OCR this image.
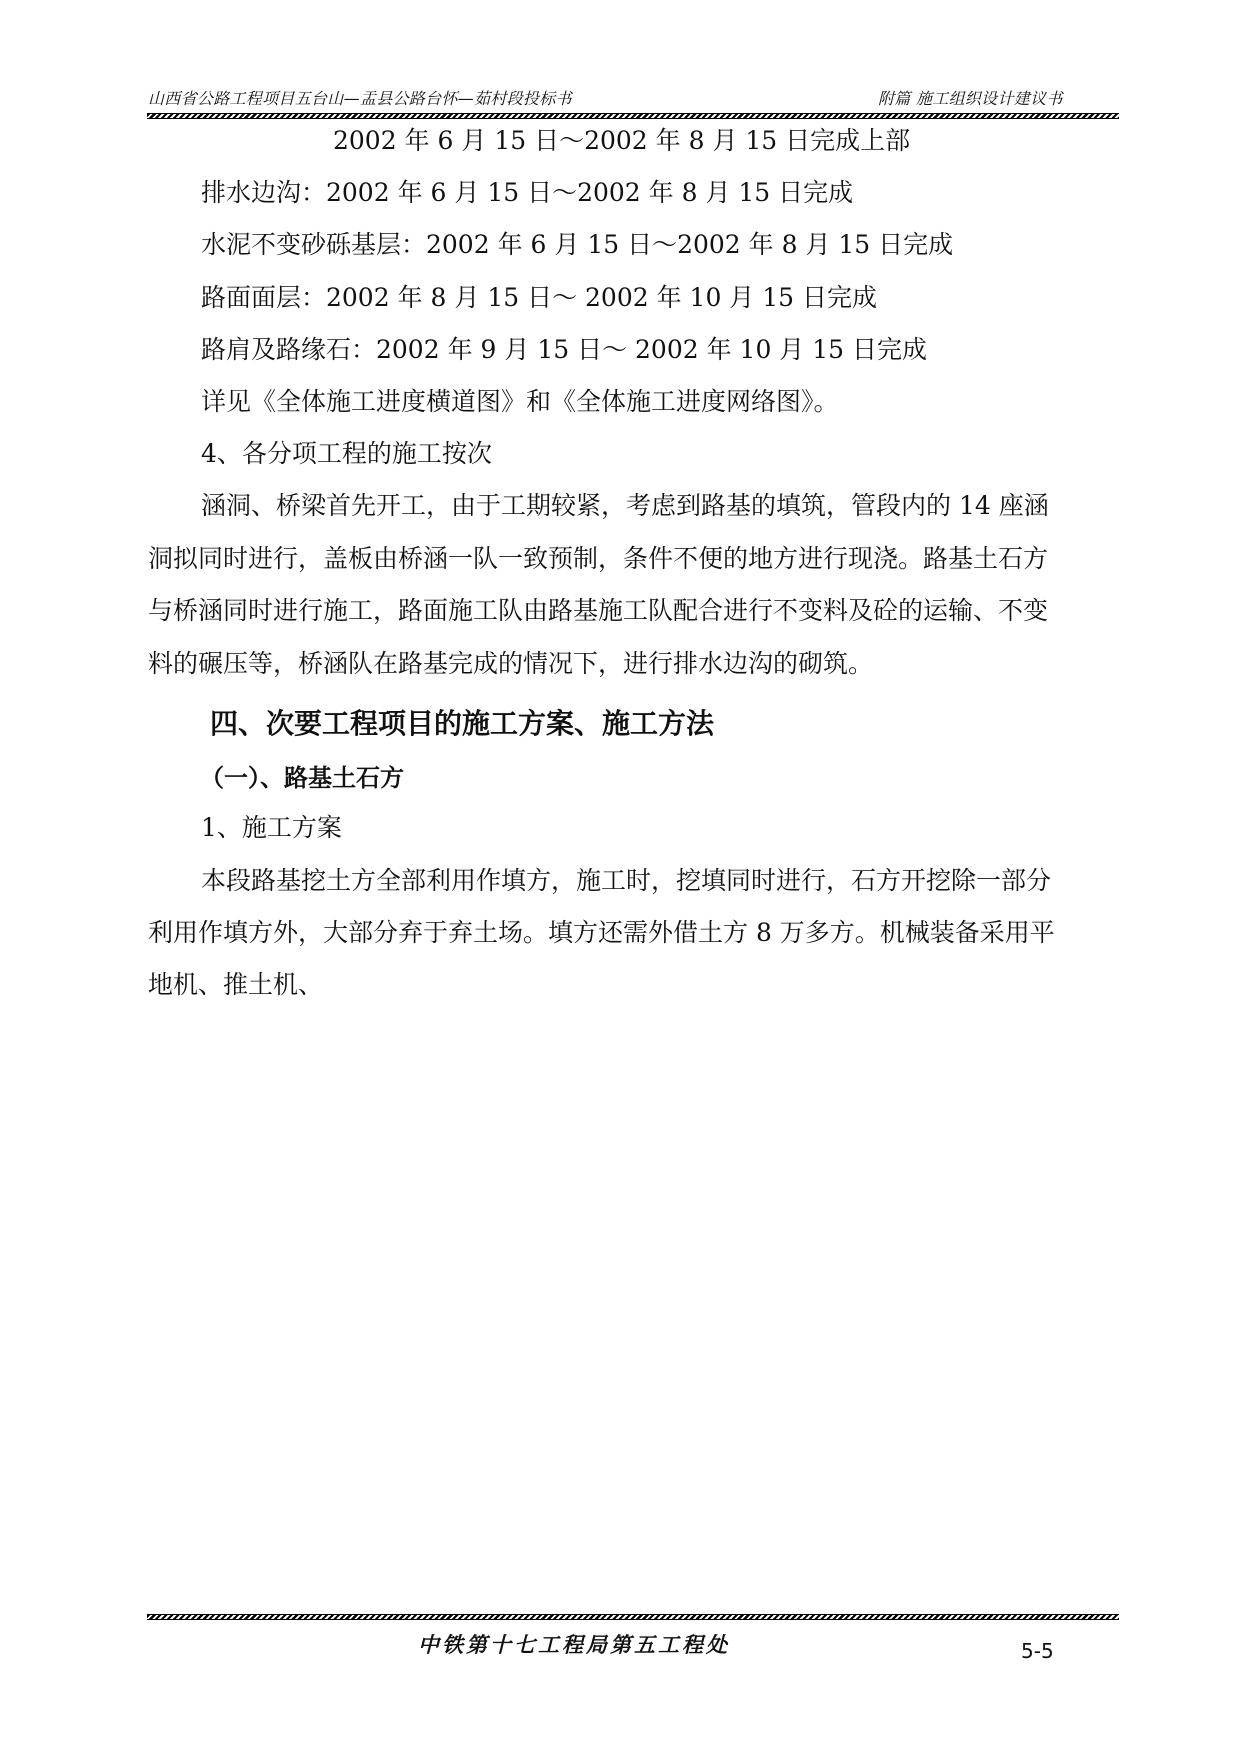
山西省公路工程项目五台山—盂县公路台怀—茹村段投标书	附篇 施工组织设计建议书
2002 年 6 月 15 日～2002 年 8 月 15 日完成上部
排水边沟：2002 年 6 月 15 日～2002 年 8 月 15 日完成
水泥不变砂砾基层：2002 年 6 月 15 日～2002 年 8 月 15 日完成
路面面层：2002 年 8 月 15 日～ 2002 年 10 月 15 日完成
路肩及路缘石：2002 年 9 月 15 日～ 2002 年 10 月 15 日完成
详见《全体施工进度横道图》和《全体施工进度网络图》。
4、各分项工程的施工按次
涵洞、桥梁首先开工，由于工期较紧，考虑到路基的填筑，管段内的 14 座涵
洞拟同时进行，盖板由桥涵一队一致预制，条件不便的地方进行现浇。路基土石方
与桥涵同时进行施工，路面施工队由路基施工队配合进行不变料及砼的运输、不变
料的碾压等，桥涵队在路基完成的情况下，进行排水边沟的砌筑。
四、次要工程项目的施工方案、施工方法
（一）、路基土石方
1、施工方案
本段路基挖土方全部利用作填方，施工时，挖填同时进行，石方开挖除一部分
利用作填方外，大部分弃于弃土场。填方还需外借土方 8 万多方。机械装备采用平
地机、推土机、
中铁第十七工程局第五工程处	5-5
